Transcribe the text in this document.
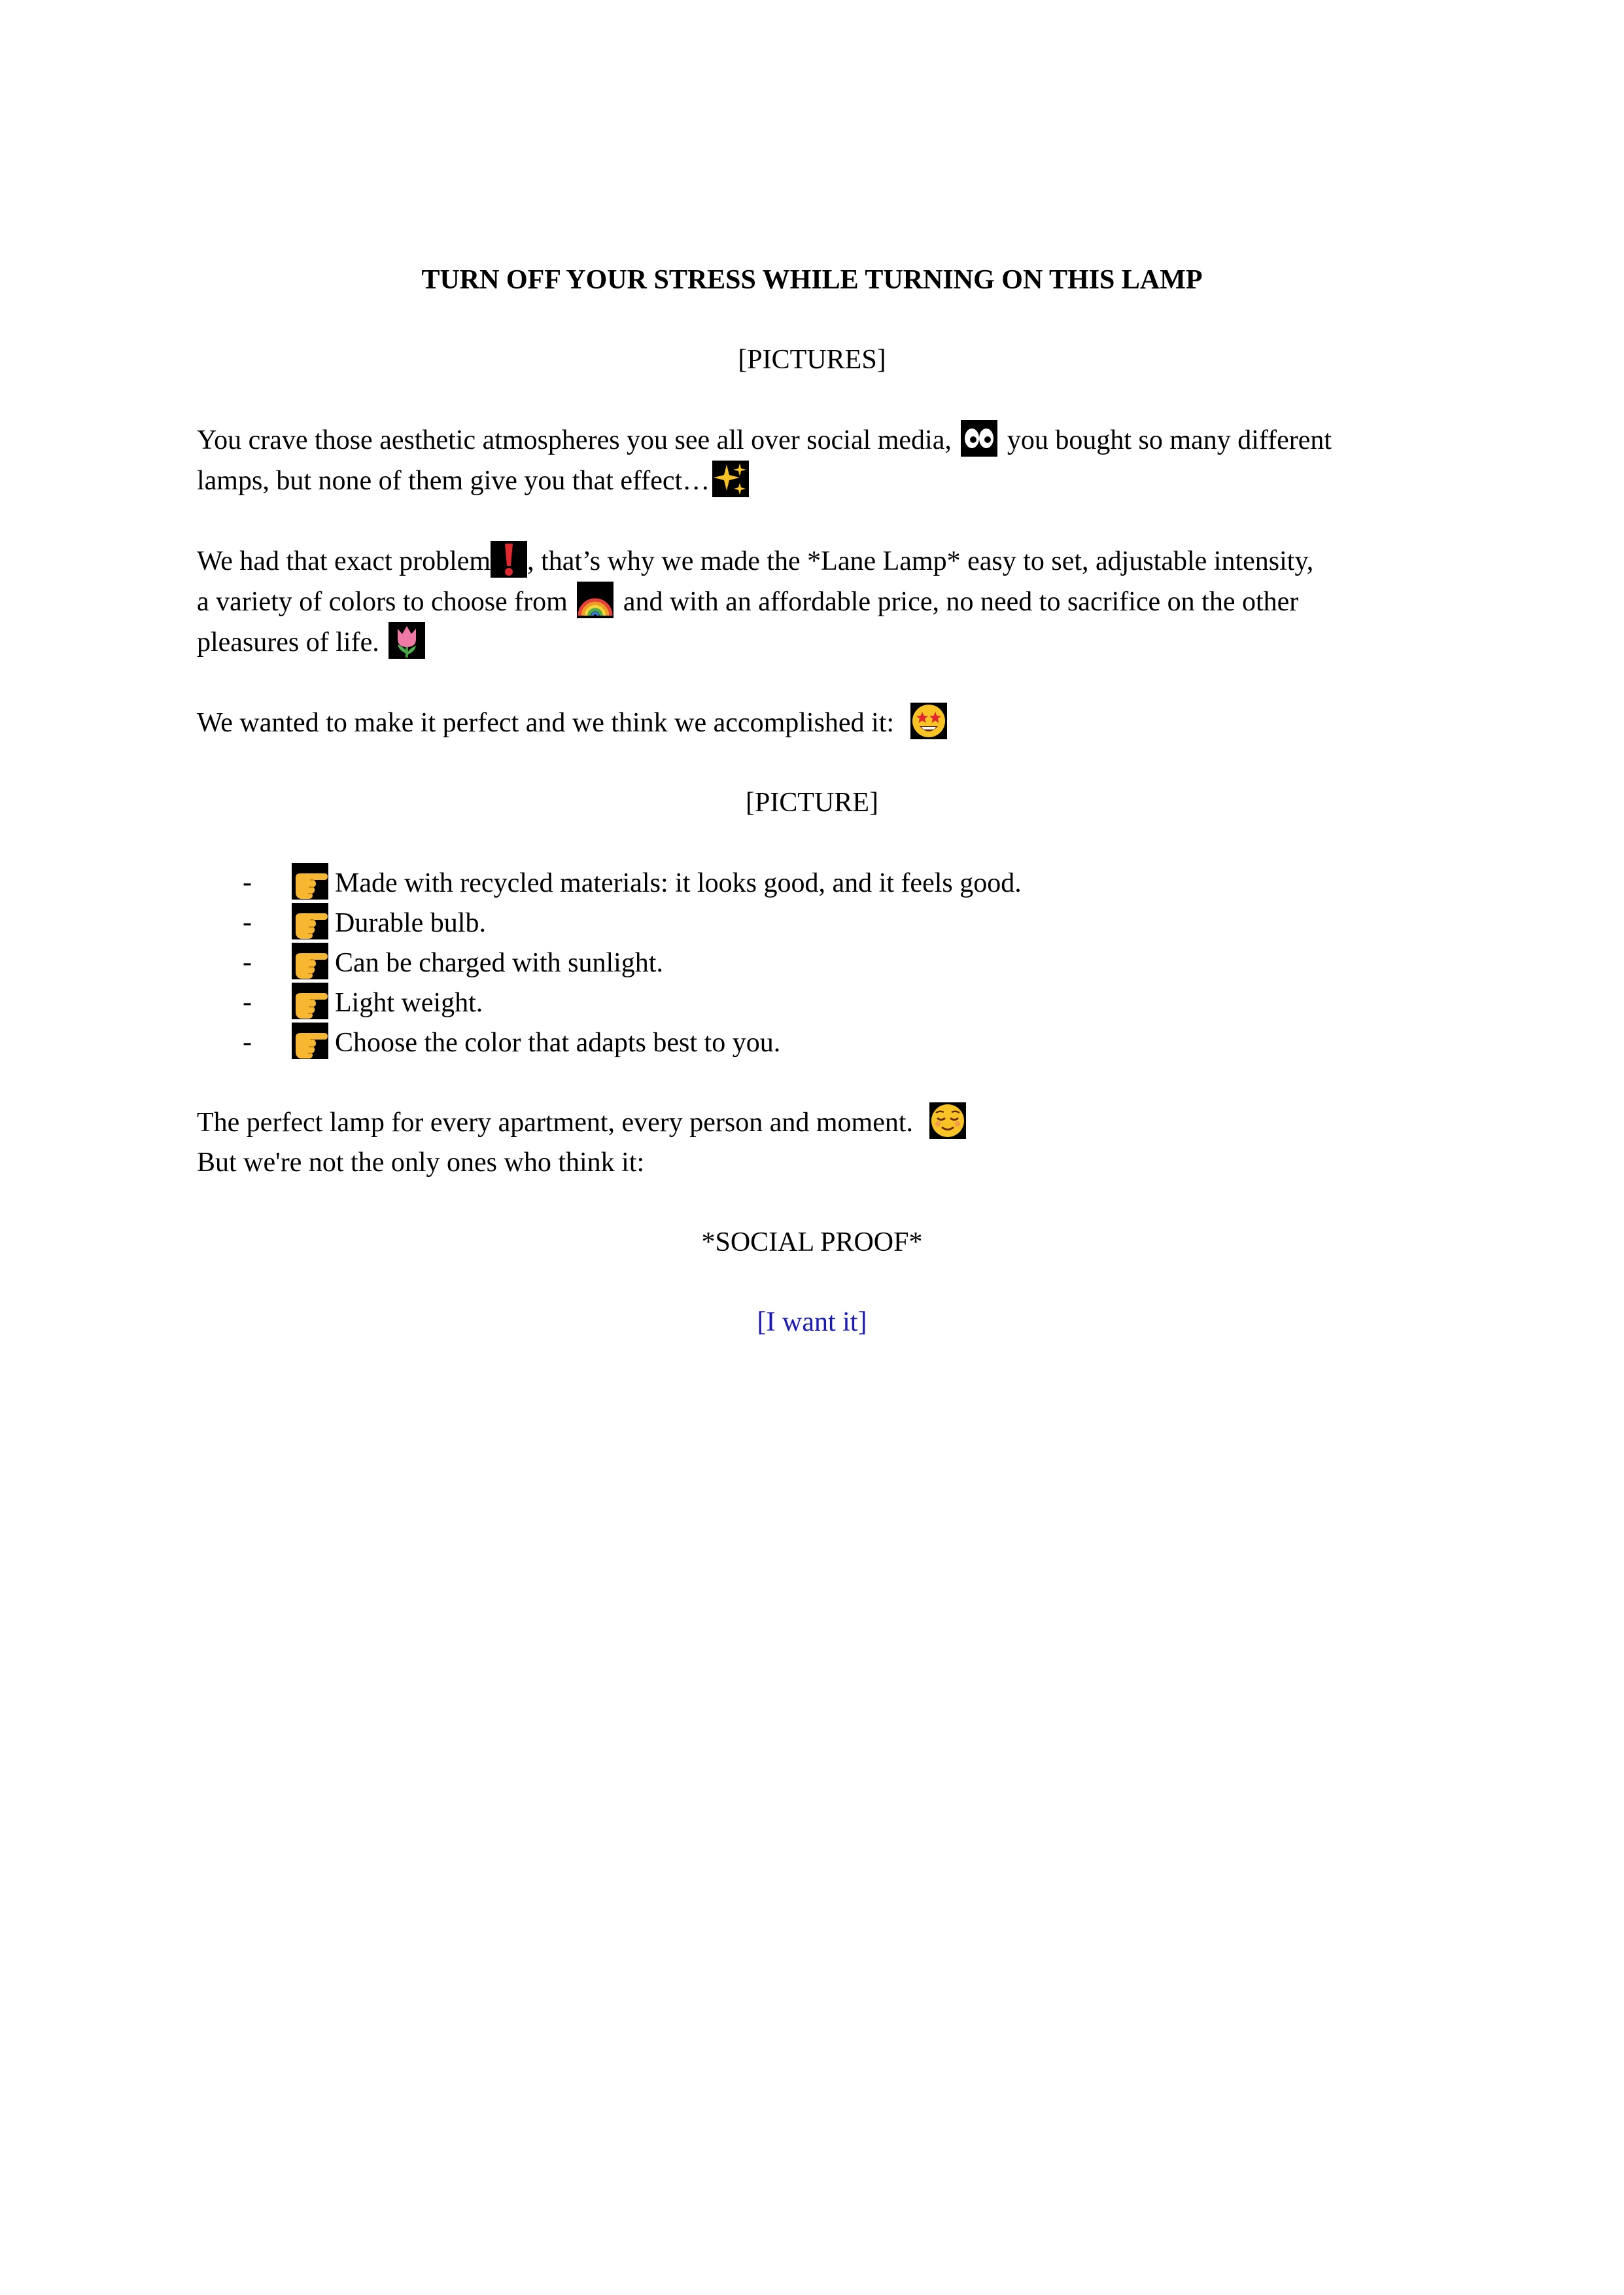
TURN OFF YOUR STRESS WHILE TURNING ON THIS LAMP

[PICTURES]

You crave those aesthetic atmospheres you see all over social media, you bought so many different
lamps, but none of them give you that effect…

We had that exact problem , that’s why we made the *Lane Lamp* easy to set, adjustable intensity,
a variety of colors to choose from and with an affordable price, no need to sacrifice on the other
pleasures of life.

We wanted to make it perfect and we think we accomplished it:

[PICTURE]

-	Made with recycled materials: it looks good, and it feels good.
-	Durable bulb.
-	Can be charged with sunlight.
-	Light weight.
-	Choose the color that adapts best to you.

The perfect lamp for every apartment, every person and moment.

But we're not the only ones who think it:

*SOCIAL PROOF*

[I want it]
